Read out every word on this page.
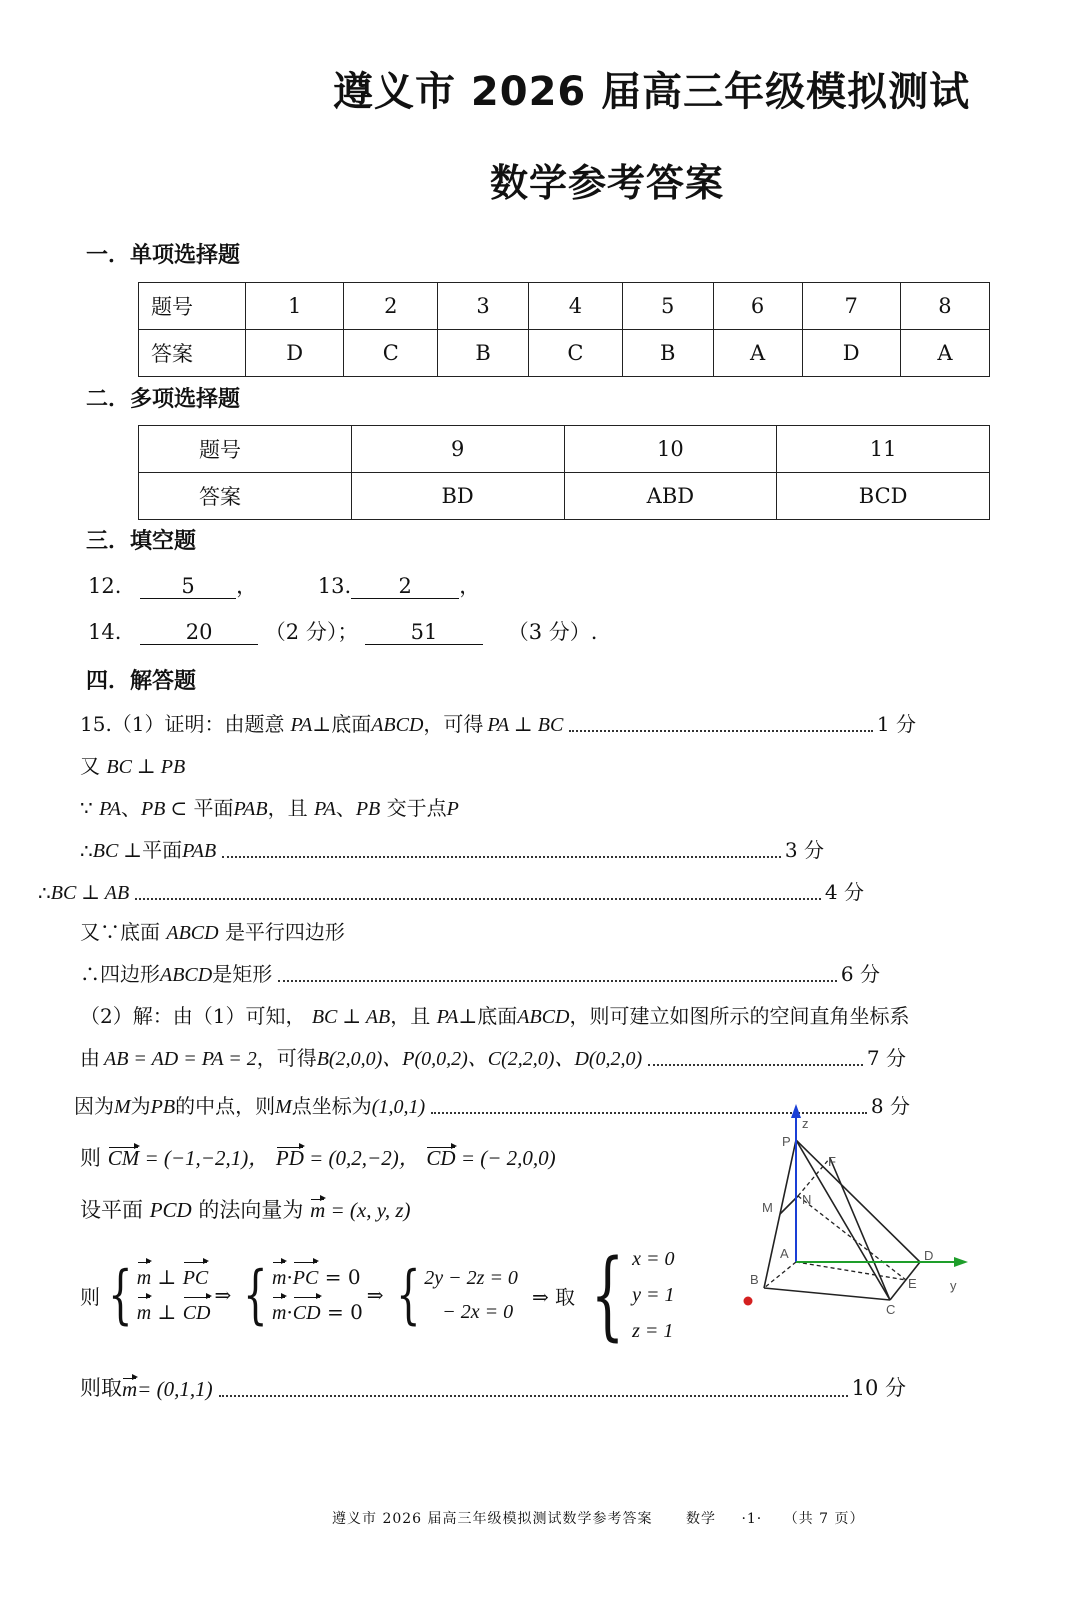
遵义市 2026 届高三年级模拟测试
数学参考答案
一．单项选择题
题号	1	2	3	4	5	6	7	8
答案	D	C	B	C	B	A	D	A
二．多项选择题
题号	9	10	11
答案	BD	ABD	BCD
三．填空题
12.	5 ，	13. 2 ，
14.	20 （2 分）； 51	（3 分）.
四．解答题
15.（1）证明：由题意 PA ⊥底面 ABCD ，可得 PA ⊥ BC	1 分
又 BC ⊥ PB
∵ PA、PB ⊂ 平面PAB，且 PA、PB 交于点P
∴ BC ⊥ 平面 PAB	3 分
∴ BC ⊥ AB	4 分
又∵底面 ABCD 是平行四边形
∴四边形 ABCD 是矩形	6 分
（2）解：由（1）可知， BC ⊥ AB，且 PA⊥底面ABCD，则可建立如图所示的空间直角坐标系
由 AB = AD = PA = 2 ，可得 B(2,0,0)、P(0,0,2)、C(2,2,0)、D(0,2,0)	7 分
因为 M 为 PB 的中点，则 M 点坐标为 (1,0,1)	8 分
则 CM = (−1,−2,1)， PD = (0,2,−2)， CD = (− 2,0,0)
设平面 PCD 的法向量为 m = (x, y, z)
则 { m ⊥ PC
m ⊥ CD
⇒ { m·PC = 0
m·CD = 0
⇒ { 2y − 2z = 0
− 2x = 0
⇒ 取 { x = 0
y = 1
z = 1
则取 m = (0,1,1)	10 分
P
z
F
M
N
A	D
y
B	E
C
遵义市 2026 届高三年级模拟测试数学参考答案 数学 ·1· （共 7 页）
